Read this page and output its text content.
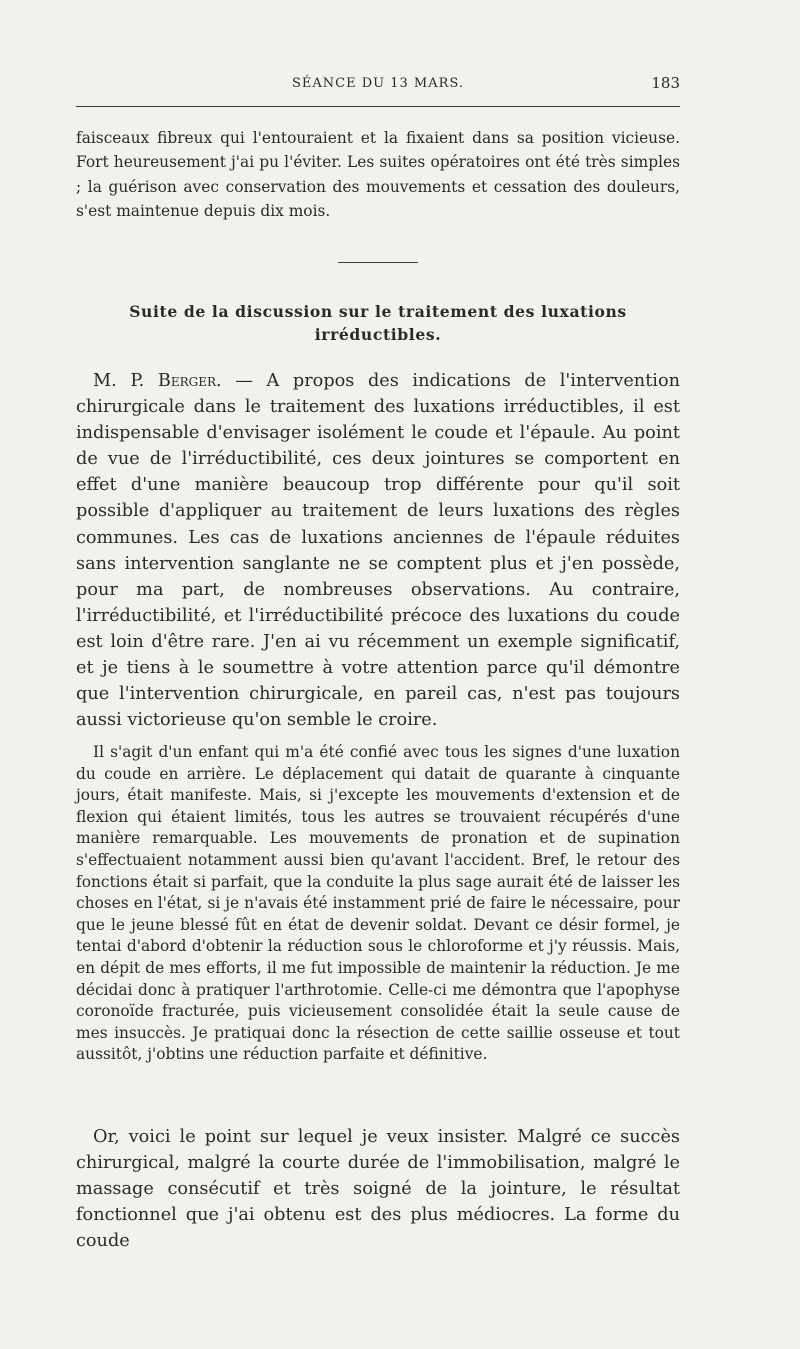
SÉANCE DU 13 MARS.	183

faisceaux fibreux qui l'entouraient et la fixaient dans sa position vicieuse. Fort heureusement j'ai pu l'éviter. Les suites opératoires ont été très simples ; la guérison avec conservation des mouvements et cessation des douleurs, s'est maintenue depuis dix mois.

Suite de la discussion sur le traitement des luxations irréductibles.

M. P. Berger. — A propos des indications de l'intervention chirurgicale dans le traitement des luxations irréductibles, il est indispensable d'envisager isolément le coude et l'épaule. Au point de vue de l'irréductibilité, ces deux jointures se comportent en effet d'une manière beaucoup trop différente pour qu'il soit possible d'appliquer au traitement de leurs luxations des règles communes. Les cas de luxations anciennes de l'épaule réduites sans intervention sanglante ne se comptent plus et j'en possède, pour ma part, de nombreuses observations. Au contraire, l'irréductibilité, et l'irréductibilité précoce des luxations du coude est loin d'être rare. J'en ai vu récemment un exemple significatif, et je tiens à le soumettre à votre attention parce qu'il démontre que l'intervention chirurgicale, en pareil cas, n'est pas toujours aussi victorieuse qu'on semble le croire.

Il s'agit d'un enfant qui m'a été confié avec tous les signes d'une luxation du coude en arrière. Le déplacement qui datait de quarante à cinquante jours, était manifeste. Mais, si j'excepte les mouvements d'extension et de flexion qui étaient limités, tous les autres se trouvaient récupérés d'une manière remarquable. Les mouvements de pronation et de supination s'effectuaient notamment aussi bien qu'avant l'accident. Bref, le retour des fonctions était si parfait, que la conduite la plus sage aurait été de laisser les choses en l'état, si je n'avais été instamment prié de faire le nécessaire, pour que le jeune blessé fût en état de devenir soldat. Devant ce désir formel, je tentai d'abord d'obtenir la réduction sous le chloroforme et j'y réussis. Mais, en dépit de mes efforts, il me fut impossible de maintenir la réduction. Je me décidai donc à pratiquer l'arthrotomie. Celle-ci me démontra que l'apophyse coronoïde fracturée, puis vicieusement consolidée était la seule cause de mes insuccès. Je pratiquai donc la résection de cette saillie osseuse et tout aussitôt, j'obtins une réduction parfaite et définitive.

Or, voici le point sur lequel je veux insister. Malgré ce succès chirurgical, malgré la courte durée de l'immobilisation, malgré le massage consécutif et très soigné de la jointure, le résultat fonctionnel que j'ai obtenu est des plus médiocres. La forme du coude
